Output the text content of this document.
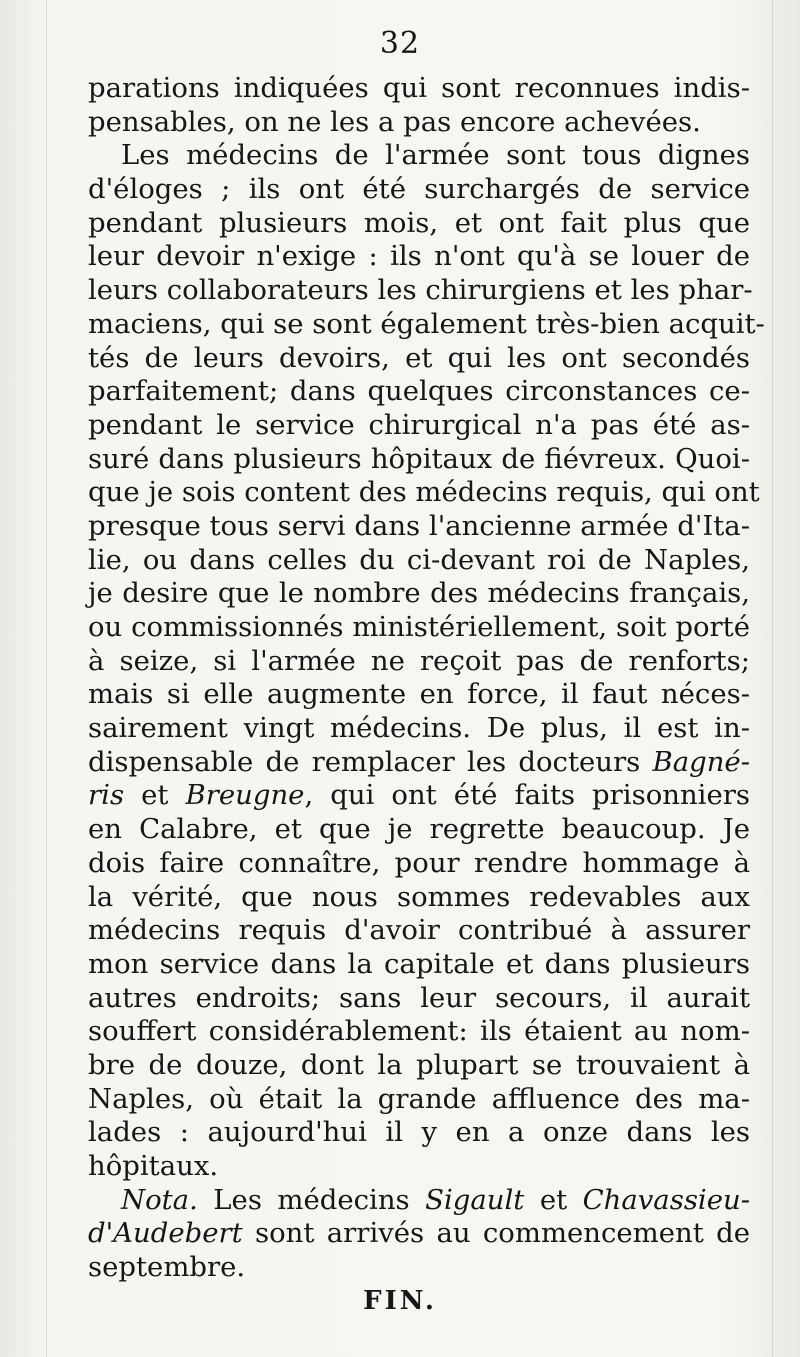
32
parations indiquées qui sont reconnues indis-
pensables, on ne les a pas encore achevées.
Les médecins de l'armée sont tous dignes
d'éloges ; ils ont été surchargés de service
pendant plusieurs mois, et ont fait plus que
leur devoir n'exige : ils n'ont qu'à se louer de
leurs collaborateurs les chirurgiens et les phar-
maciens, qui se sont également très-bien acquit-
tés de leurs devoirs, et qui les ont secondés
parfaitement; dans quelques circonstances ce-
pendant le service chirurgical n'a pas été as-
suré dans plusieurs hôpitaux de fiévreux. Quoi-
que je sois content des médecins requis, qui ont
presque tous servi dans l'ancienne armée d'Ita-
lie, ou dans celles du ci-devant roi de Naples,
je desire que le nombre des médecins français,
ou commissionnés ministériellement, soit porté
à seize, si l'armée ne reçoit pas de renforts;
mais si elle augmente en force, il faut néces-
sairement vingt médecins. De plus, il est in-
dispensable de remplacer les docteurs Bagné-
ris et Breugne, qui ont été faits prisonniers
en Calabre, et que je regrette beaucoup. Je
dois faire connaître, pour rendre hommage à
la vérité, que nous sommes redevables aux
médecins requis d'avoir contribué à assurer
mon service dans la capitale et dans plusieurs
autres endroits; sans leur secours, il aurait
souffert considérablement: ils étaient au nom-
bre de douze, dont la plupart se trouvaient à
Naples, où était la grande affluence des ma-
lades : aujourd'hui il y en a onze dans les
hôpitaux.
Nota. Les médecins Sigault et Chavassieu-
d'Audebert sont arrivés au commencement de
septembre.
FIN.
